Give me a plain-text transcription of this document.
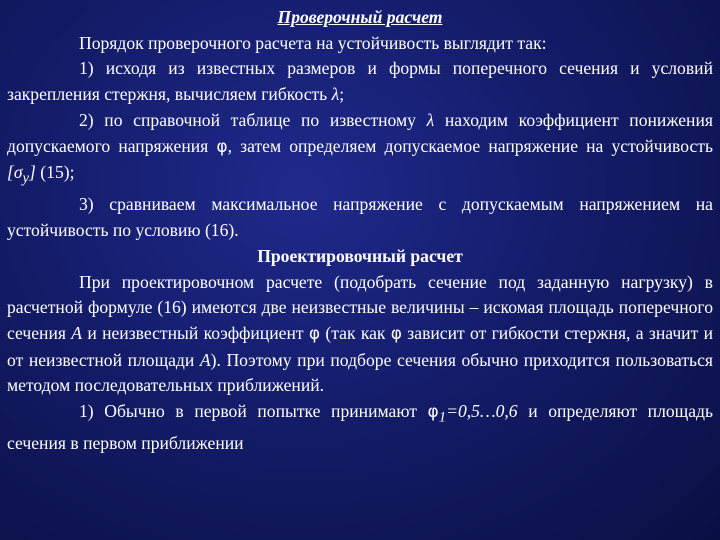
Проверочный расчет

Порядок проверочного расчета на устойчивость выглядит так:

1) исходя из известных размеров и формы поперечного сечения и условий закрепления стержня, вычисляем гибкость λ;

2) по справочной таблице по известному λ находим коэффициент понижения допускаемого напряжения φ, затем определяем допускаемое напряжение на устойчивость $[\sigma_у]$ (15);

3) сравниваем максимальное напряжение с допускаемым напряжением на устойчивость по условию (16).

Проектировочный расчет

При проектировочном расчете (подобрать сечение под заданную нагрузку) в расчетной формуле (16) имеются две неизвестные величины – искомая площадь поперечного сечения А и неизвестный коэффициент φ (так как φ зависит от гибкости стержня, а значит и от неизвестной площади А). Поэтому при подборе сечения обычно приходится пользоваться методом последовательных приближений.

1) Обычно в первой попытке принимают $\varphi_1=0,5\dots 0,6$ и определяют площадь сечения в первом приближении
